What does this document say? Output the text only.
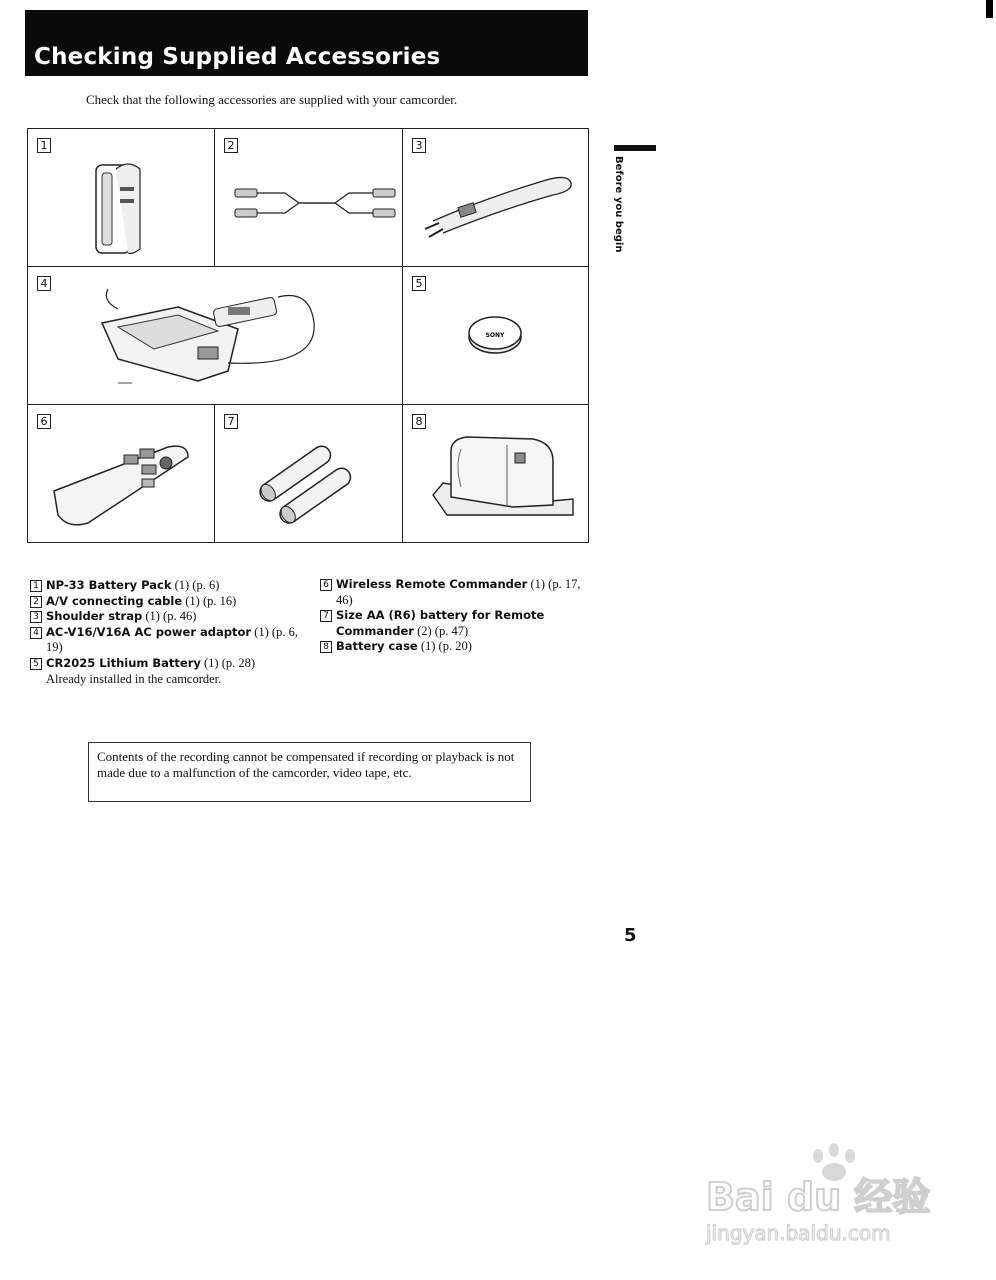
Checking Supplied Accessories
Check that the following accessories are supplied with your camcorder.
1	2	3
4	5
SONY
6	7	8
Before you begin
1 NP-33 Battery Pack (1) (p. 6)
2 A/V connecting cable (1) (p. 16)
3 Shoulder strap (1) (p. 46)
4 AC-V16/V16A AC power adaptor (1) (p. 6, 19)
5 CR2025 Lithium Battery (1) (p. 28)
Already installed in the camcorder.
6 Wireless Remote Commander (1) (p. 17, 46)
7 Size AA (R6) battery for Remote Commander (2) (p. 47)
8 Battery case (1) (p. 20)
Contents of the recording cannot be compensated if recording or playback is not made due to a malfunction of the camcorder, video tape, etc.
5
Bai du 经验
jingyan.baidu.com
